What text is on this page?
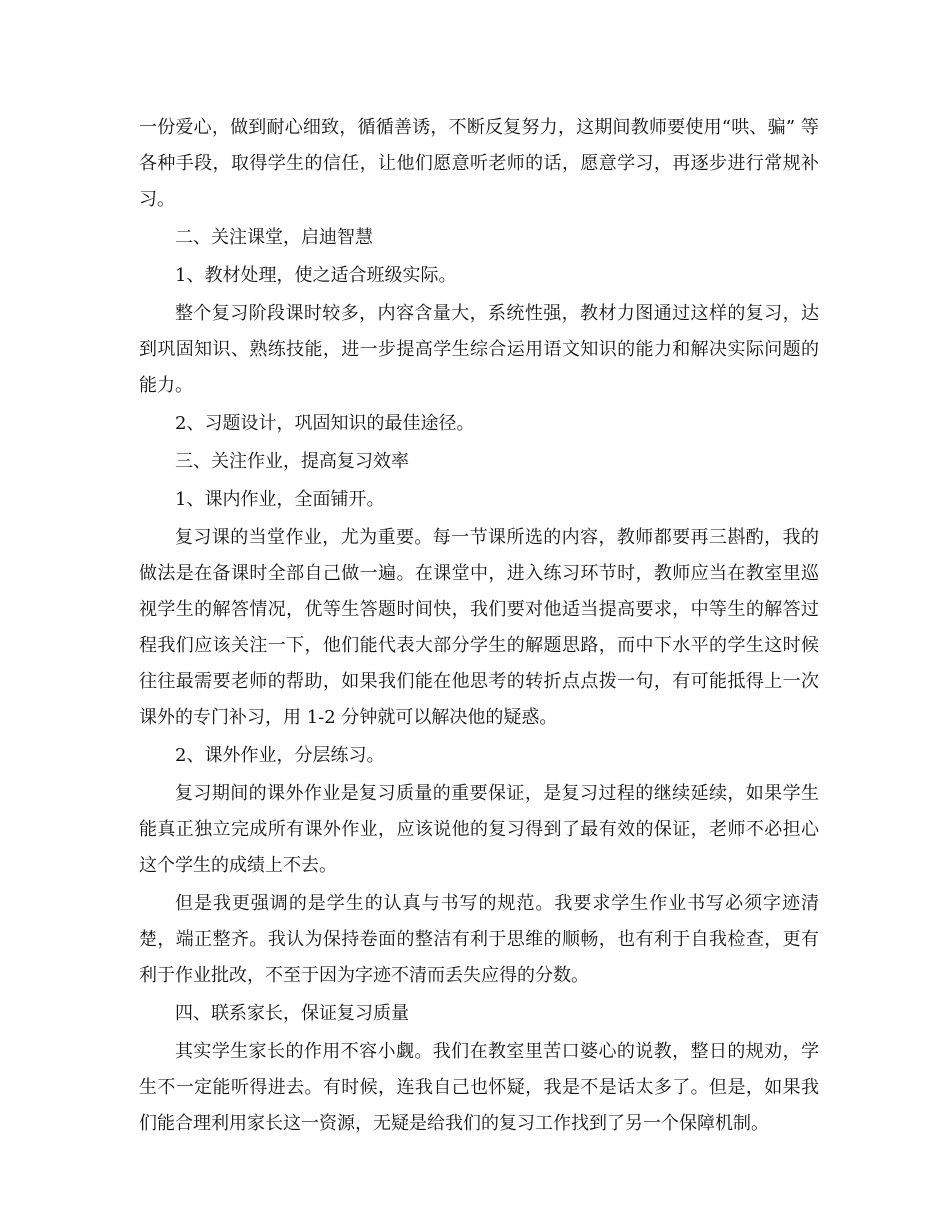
一份爱心，做到耐心细致，循循善诱，不断反复努力，这期间教师要使用“哄、骗” 等各种手段，取得学生的信任，让他们愿意听老师的话，愿意学习，再逐步进行常规补习。

二、关注课堂，启迪智慧

1、教材处理，使之适合班级实际。

整个复习阶段课时较多，内容含量大，系统性强，教材力图通过这样的复习，达到巩固知识、熟练技能，进一步提高学生综合运用语文知识的能力和解决实际问题的能力。

2、习题设计，巩固知识的最佳途径。

三、关注作业，提高复习效率

1、课内作业，全面铺开。

复习课的当堂作业，尤为重要。每一节课所选的内容，教师都要再三斟酌，我的做法是在备课时全部自己做一遍。在课堂中，进入练习环节时，教师应当在教室里巡视学生的解答情况，优等生答题时间快，我们要对他适当提高要求，中等生的解答过程我们应该关注一下，他们能代表大部分学生的解题思路，而中下水平的学生这时候往往最需要老师的帮助，如果我们能在他思考的转折点点拨一句，有可能抵得上一次课外的专门补习，用 1-2 分钟就可以解决他的疑惑。

2、课外作业，分层练习。

复习期间的课外作业是复习质量的重要保证，是复习过程的继续延续，如果学生能真正独立完成所有课外作业，应该说他的复习得到了最有效的保证，老师不必担心这个学生的成绩上不去。

但是我更强调的是学生的认真与书写的规范。我要求学生作业书写必须字迹清楚，端正整齐。我认为保持卷面的整洁有利于思维的顺畅，也有利于自我检查，更有利于作业批改，不至于因为字迹不清而丢失应得的分数。

四、联系家长，保证复习质量

其实学生家长的作用不容小觑。我们在教室里苦口婆心的说教，整日的规劝，学生不一定能听得进去。有时候，连我自己也怀疑，我是不是话太多了。但是，如果我们能合理利用家长这一资源，无疑是给我们的复习工作找到了另一个保障机制。
